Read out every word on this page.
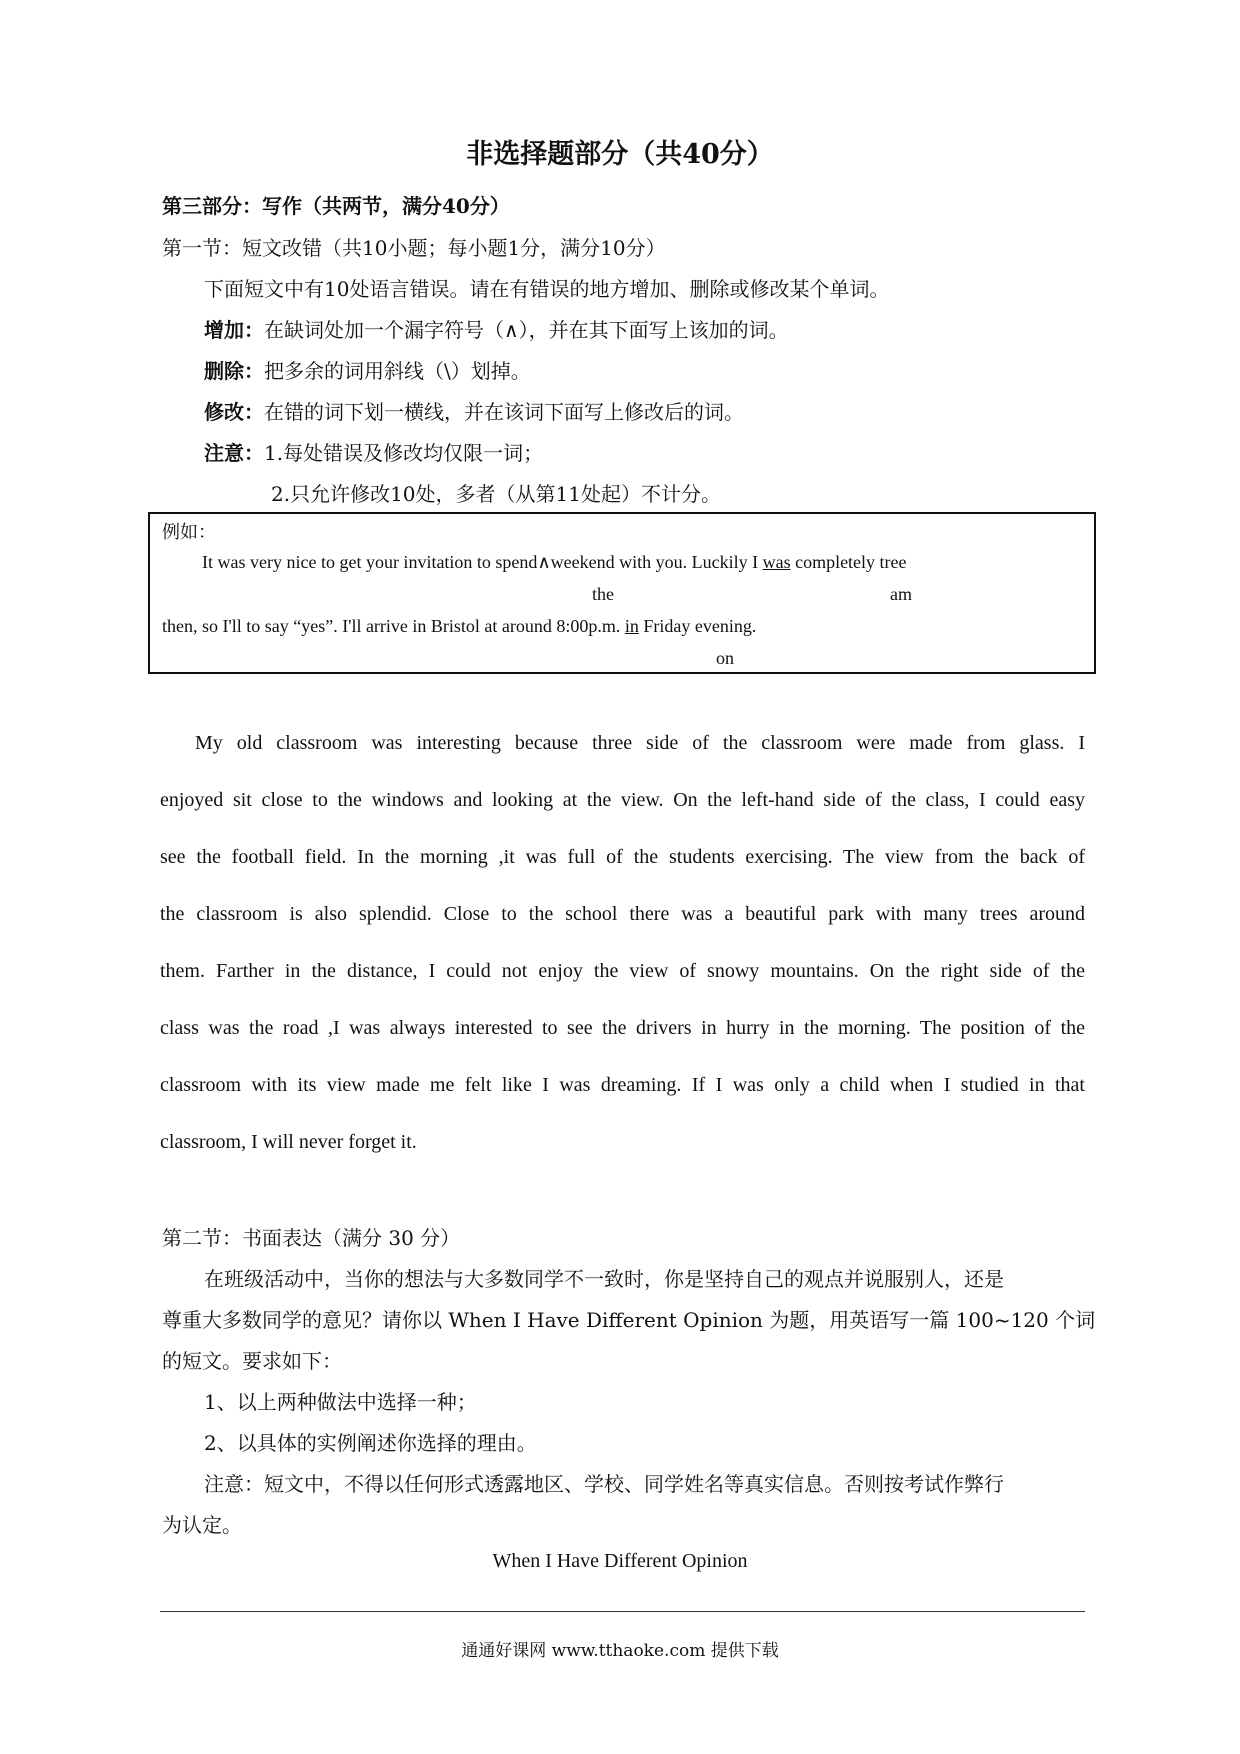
非选择题部分（共40分）
第三部分：写作（共两节，满分40分）
第一节：短文改错（共10小题；每小题1分，满分10分）
下面短文中有10处语言错误。请在有错误的地方增加、删除或修改某个单词。
增加：在缺词处加一个漏字符号（∧），并在其下面写上该加的词。
删除：把多余的词用斜线（\）划掉。
修改：在错的词下划一横线，并在该词下面写上修改后的词。
注意：1.每处错误及修改均仅限一词；
2.只允许修改10处，多者（从第11处起）不计分。
例如：
It was very nice to get your invitation to spend∧weekend with you. Luckily I was completely tree
the	am
then, so I'll to say “yes”. I'll arrive in Bristol at around 8:00p.m. in Friday evening.
on
My old classroom was interesting because three side of the classroom were made from glass. I
enjoyed sit close to the windows and looking at the view. On the left-hand side of the class, I could easy
see the football field. In the morning ,it was full of the students exercising. The view from the back of
the classroom is also splendid. Close to the school there was a beautiful park with many trees around
them. Farther in the distance, I could not enjoy the view of snowy mountains. On the right side of the
class was the road ,I was always interested to see the drivers in hurry in the morning. The position of the
classroom with its view made me felt like I was dreaming. If I was only a child when I studied in that
classroom, I will never forget it.
第二节：书面表达（满分 30 分）
在班级活动中，当你的想法与大多数同学不一致时，你是坚持自己的观点并说服别人，还是
尊重大多数同学的意见？请你以 When I Have Different Opinion 为题，用英语写一篇 100~120 个词
的短文。要求如下：
1、以上两种做法中选择一种；
2、以具体的实例阐述你选择的理由。
注意：短文中，不得以任何形式透露地区、学校、同学姓名等真实信息。否则按考试作弊行
为认定。
When I Have Different Opinion
通通好课网 www.tthaoke.com 提供下载
